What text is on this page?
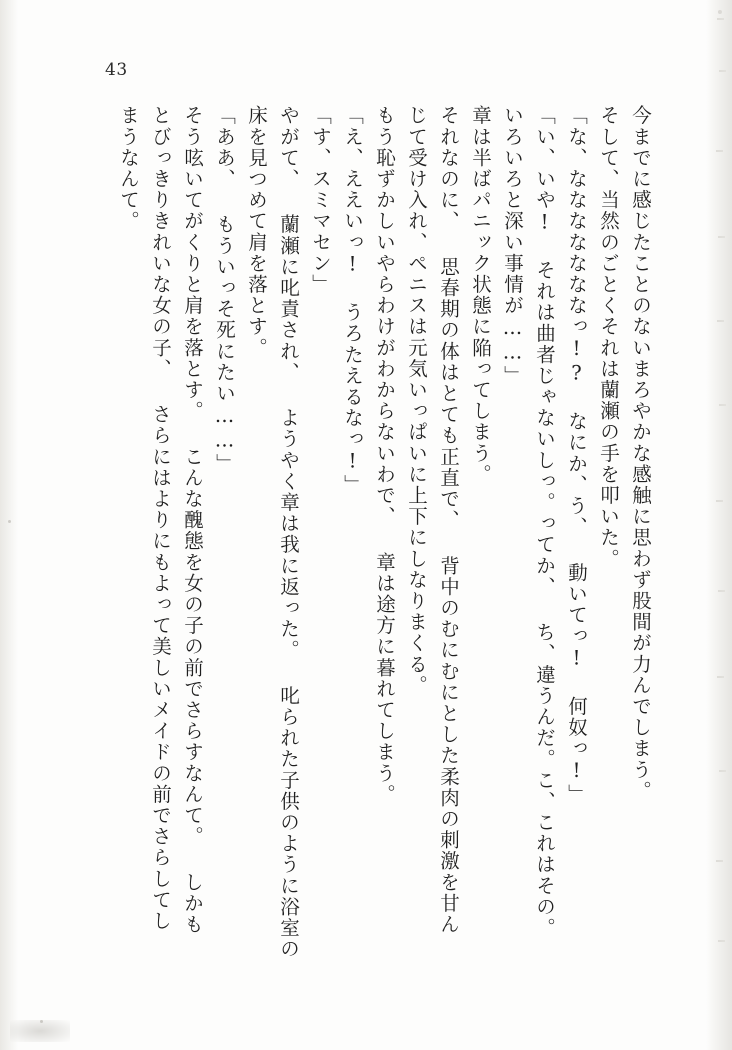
43

今までに感じたことのないまろやかな感触に思わず股間が力んでしまう。

そして、当然のごとくそれは蘭瀬の手を叩いた。

「な、なななななななっ!? なにか、う、 動いてっ! 何奴っ!」

「い、いや! それは曲者じゃないしっ。ってか、 ち、違うんだ。こ、これはその。

いろいろと深い事情が……」

章は半ばパニック状態に陥ってしまう。

それなのに、 思春期の体はとても正直で、 背中のむにむにとした柔肉の刺激を甘ん

じて受け入れ、ペニスは元気いっぱいに上下にしなりまくる。

もう恥ずかしいやらわけがわからないわで、 章は途方に暮れてしまう。

「え、ええいっ! うろたえるなっ!」

「す、スミマセン」

やがて、 蘭瀬に叱責され、 ようやく章は我に返った。 叱られた子供のように浴室の

床を見つめて肩を落とす。

「ああ、 もういっそ死にたい……」

そう呟いてがくりと肩を落とす。 こんな醜態を女の子の前でさらすなんて。 しかも

とびっきりきれいな女の子、 さらにはよりにもよって美しいメイドの前でさらしてし

まうなんて。
